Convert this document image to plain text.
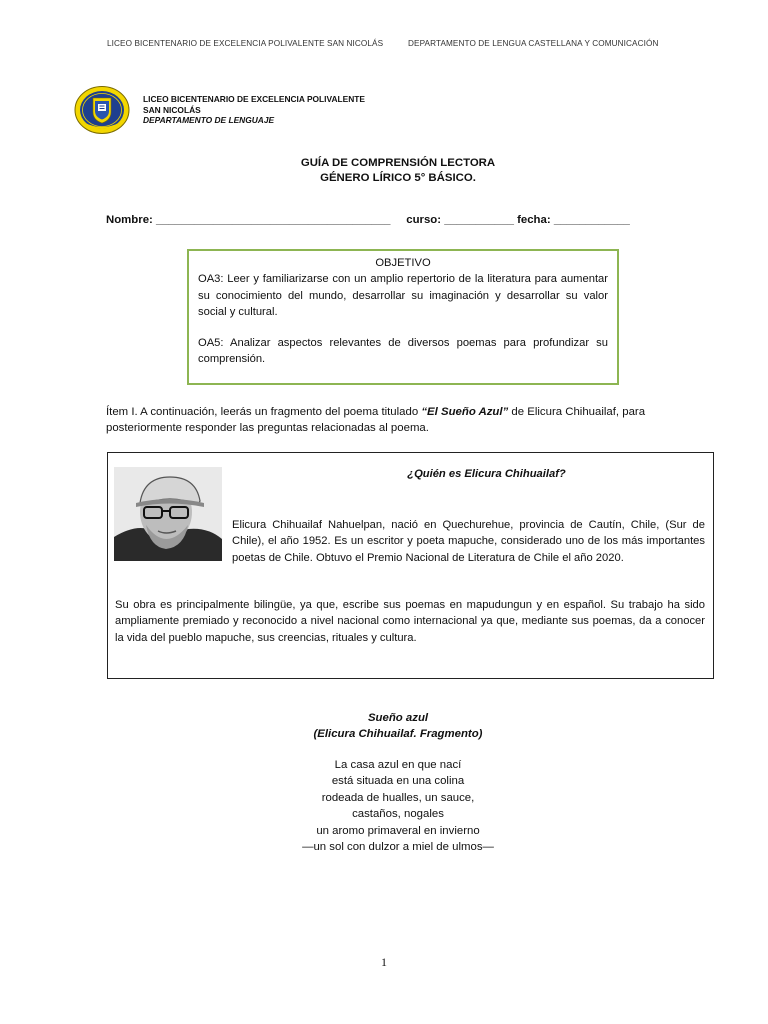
LICEO BICENTENARIO DE EXCELENCIA POLIVALENTE SAN NICOLÁS	DEPARTAMENTO DE LENGUA CASTELLANA Y COMUNICACIÓN
LICEO BICENTENARIO DE EXCELENCIA POLIVALENTE
SAN NICOLÁS
DEPARTAMENTO DE LENGUAJE
GUÍA DE COMPRENSIÓN LECTORA
GÉNERO LÍRICO 5° BÁSICO.
Nombre: _____________________________________ curso: ___________ fecha: ____________
OBJETIVO

OA3: Leer y familiarizarse con un amplio repertorio de la literatura para aumentar su conocimiento del mundo, desarrollar su imaginación y desarrollar su valor social y cultural.

OA5: Analizar aspectos relevantes de diversos poemas para profundizar su comprensión.

Ítem I. A continuación, leerás un fragmento del poema titulado “El Sueño Azul” de Elicura Chihuailaf, para posteriormente responder las preguntas relacionadas al poema.
¿Quién es Elicura Chihuailaf?
Elicura Chihuailaf Nahuelpan, nació en Quechurehue, provincia de Cautín, Chile, (Sur de Chile), el año 1952. Es un escritor y poeta mapuche, considerado uno de los más importantes poetas de Chile. Obtuvo el Premio Nacional de Literatura de Chile el año 2020.
Su obra es principalmente bilingüe, ya que, escribe sus poemas en mapudungun y en español. Su trabajo ha sido ampliamente premiado y reconocido a nivel nacional como internacional ya que, mediante sus poemas, da a conocer la vida del pueblo mapuche, sus creencias, rituales y cultura.
Sueño azul
(Elicura Chihuailaf. Fragmento)
La casa azul en que nací
está situada en una colina
rodeada de hualles, un sauce,
castaños, nogales
un aromo primaveral en invierno
—un sol con dulzor a miel de ulmos—
1
